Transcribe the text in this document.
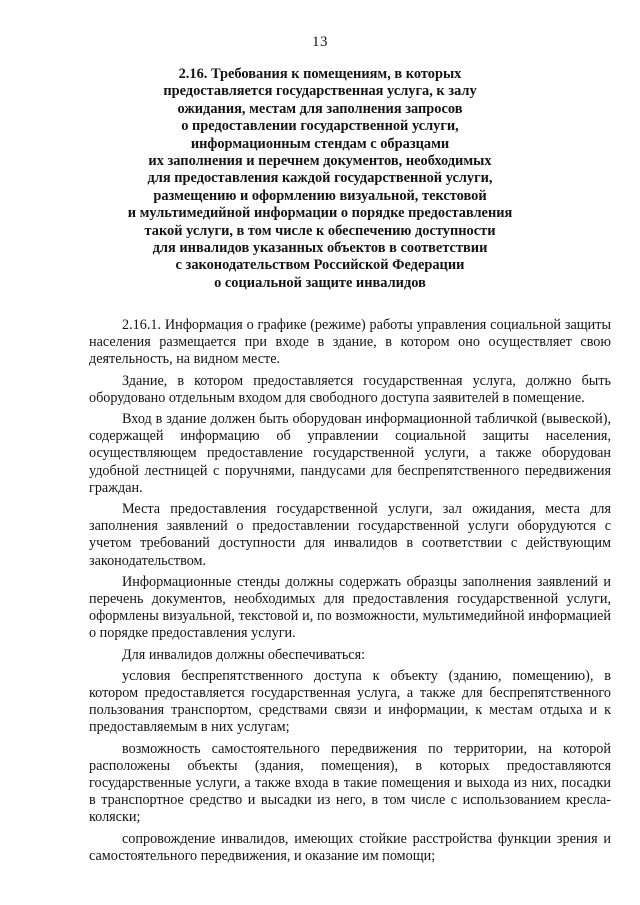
13
2.16. Требования к помещениям, в которых
предоставляется государственная услуга, к залу
ожидания, местам для заполнения запросов
о предоставлении государственной услуги,
информационным стендам с образцами
их заполнения и перечнем документов, необходимых
для предоставления каждой государственной услуги,
размещению и оформлению визуальной, текстовой
и мультимедийной информации о порядке предоставления
такой услуги, в том числе к обеспечению доступности
для инвалидов указанных объектов в соответствии
с законодательством Российской Федерации
о социальной защите инвалидов

2.16.1. Информация о графике (режиме) работы управления социальной защиты населения размещается при входе в здание, в котором оно осуществляет свою деятельность, на видном месте.

Здание, в котором предоставляется государственная услуга, должно быть оборудовано отдельным входом для свободного доступа заявителей в помещение.

Вход в здание должен быть оборудован информационной табличкой (вывеской), содержащей информацию об управлении социальной защиты населения, осуществляющем предоставление государственной услуги, а также оборудован удобной лестницей с поручнями, пандусами для беспрепятственного передвижения граждан.

Места предоставления государственной услуги, зал ожидания, места для заполнения заявлений о предоставлении государственной услуги оборудуются с учетом требований доступности для инвалидов в соответствии с действующим законодательством.

Информационные стенды должны содержать образцы заполнения заявлений и перечень документов, необходимых для предоставления государственной услуги, оформлены визуальной, текстовой и, по возможности, мультимедийной информацией о порядке предоставления услуги.

Для инвалидов должны обеспечиваться:

условия беспрепятственного доступа к объекту (зданию, помещению), в котором предоставляется государственная услуга, а также для беспрепятственного пользования транспортом, средствами связи и информации, к местам отдыха и к предоставляемым в них услугам;

возможность самостоятельного передвижения по территории, на которой расположены объекты (здания, помещения), в которых предоставляются государственные услуги, а также входа в такие помещения и выхода из них, посадки в транспортное средство и высадки из него, в том числе с использованием кресла-коляски;

сопровождение инвалидов, имеющих стойкие расстройства функции зрения и самостоятельного передвижения, и оказание им помощи;
